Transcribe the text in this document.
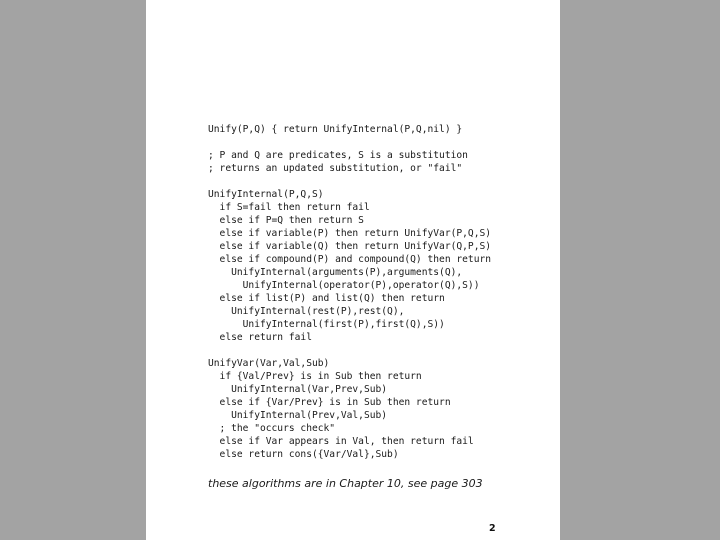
Unify(P,Q) { return UnifyInternal(P,Q,nil) }
; P and Q are predicates, S is a substitution
; returns an updated substitution, or "fail"
UnifyInternal(P,Q,S)
if S=fail then return fail
else if P=Q then return S
else if variable(P) then return UnifyVar(P,Q,S)
else if variable(Q) then return UnifyVar(Q,P,S)
else if compound(P) and compound(Q) then return
UnifyInternal(arguments(P),arguments(Q),
UnifyInternal(operator(P),operator(Q),S))
else if list(P) and list(Q) then return
UnifyInternal(rest(P),rest(Q),
UnifyInternal(first(P),first(Q),S))
else return fail
UnifyVar(Var,Val,Sub)
if {Val/Prev} is in Sub then return
UnifyInternal(Var,Prev,Sub)
else if {Var/Prev} is in Sub then return
UnifyInternal(Prev,Val,Sub)
; the "occurs check"
else if Var appears in Val, then return fail
else return cons({Var/Val},Sub)
these algorithms are in Chapter 10, see page 303
2
